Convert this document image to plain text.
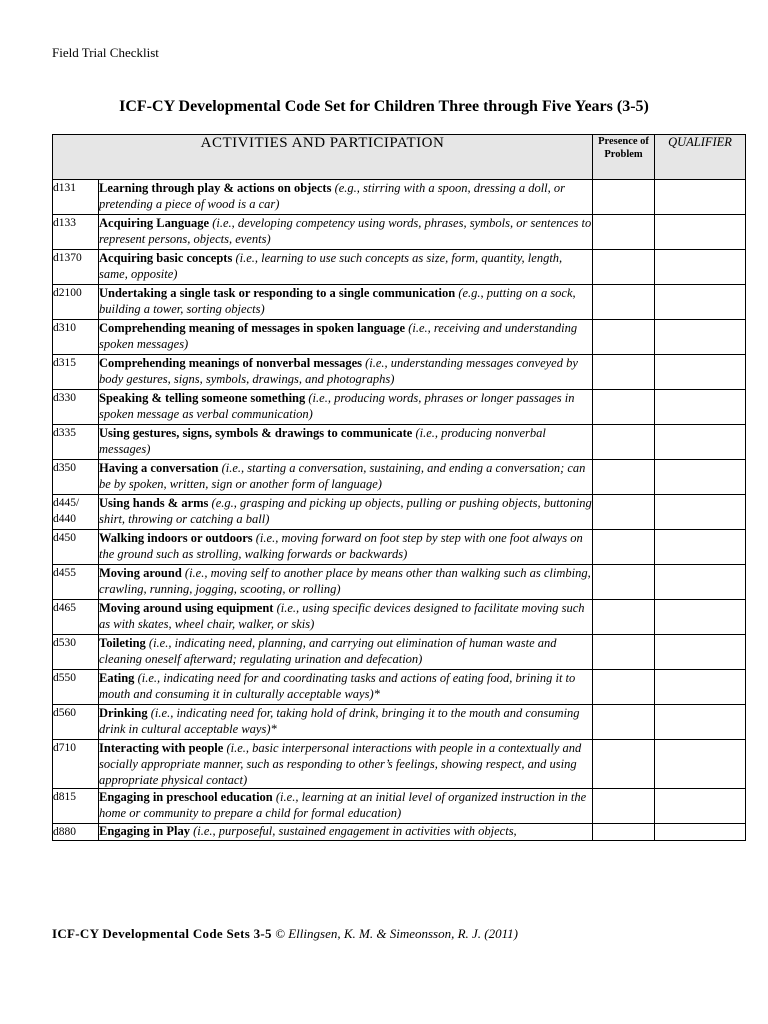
Field Trial Checklist
ICF-CY Developmental Code Set for Children Three through Five Years (3-5)
ACTIVITIES AND PARTICIPATION		Presence of Problem	QUALIFIER
d131	Learning through play & actions on objects (e.g., stirring with a spoon, dressing a doll, or pretending a piece of wood is a car)		
d133	Acquiring Language (i.e., developing competency using words, phrases, symbols, or sentences to represent persons, objects, events)		
d1370	Acquiring basic concepts (i.e., learning to use such concepts as size, form, quantity, length, same, opposite)		
d2100	Undertaking a single task or responding to a single communication (e.g., putting on a sock, building a tower, sorting objects)		
d310	Comprehending meaning of messages in spoken language (i.e., receiving and understanding spoken messages)		
d315	Comprehending meanings of nonverbal messages (i.e., understanding messages conveyed by body gestures, signs, symbols, drawings, and photographs)		
d330	Speaking & telling someone something (i.e., producing words, phrases or longer passages in spoken message as verbal communication)		
d335	Using gestures, signs, symbols & drawings to communicate (i.e., producing nonverbal messages)		
d350	Having a conversation (i.e., starting a conversation, sustaining, and ending a conversation; can be by spoken, written, sign or another form of language)		
d445/ d440	Using hands & arms (e.g., grasping and picking up objects, pulling or pushing objects, buttoning shirt, throwing or catching a ball)		
d450	Walking indoors or outdoors (i.e., moving forward on foot step by step with one foot always on the ground such as strolling, walking forwards or backwards)		
d455	Moving around (i.e., moving self to another place by means other than walking such as climbing, crawling, running, jogging, scooting, or rolling)		
d465	Moving around using equipment (i.e., using specific devices designed to facilitate moving such as with skates, wheel chair, walker, or skis)		
d530	Toileting (i.e., indicating need, planning, and carrying out elimination of human waste and cleaning oneself afterward; regulating urination and defecation)		
d550	Eating (i.e., indicating need for and coordinating tasks and actions of eating food, brining it to mouth and consuming it in culturally acceptable ways)*		
d560	Drinking (i.e., indicating need for, taking hold of drink, bringing it to the mouth and consuming drink in cultural acceptable ways)*		
d710	Interacting with people (i.e., basic interpersonal interactions with people in a contextually and socially appropriate manner, such as responding to other’s feelings, showing respect, and using appropriate physical contact)		
d815	Engaging in preschool education (i.e., learning at an initial level of organized instruction in the home or community to prepare a child for formal education)		
d880	Engaging in Play (i.e., purposeful, sustained engagement in activities with objects,		
ICF-CY Developmental Code Sets 3-5 © Ellingsen, K. M. & Simeonsson, R. J. (2011)
